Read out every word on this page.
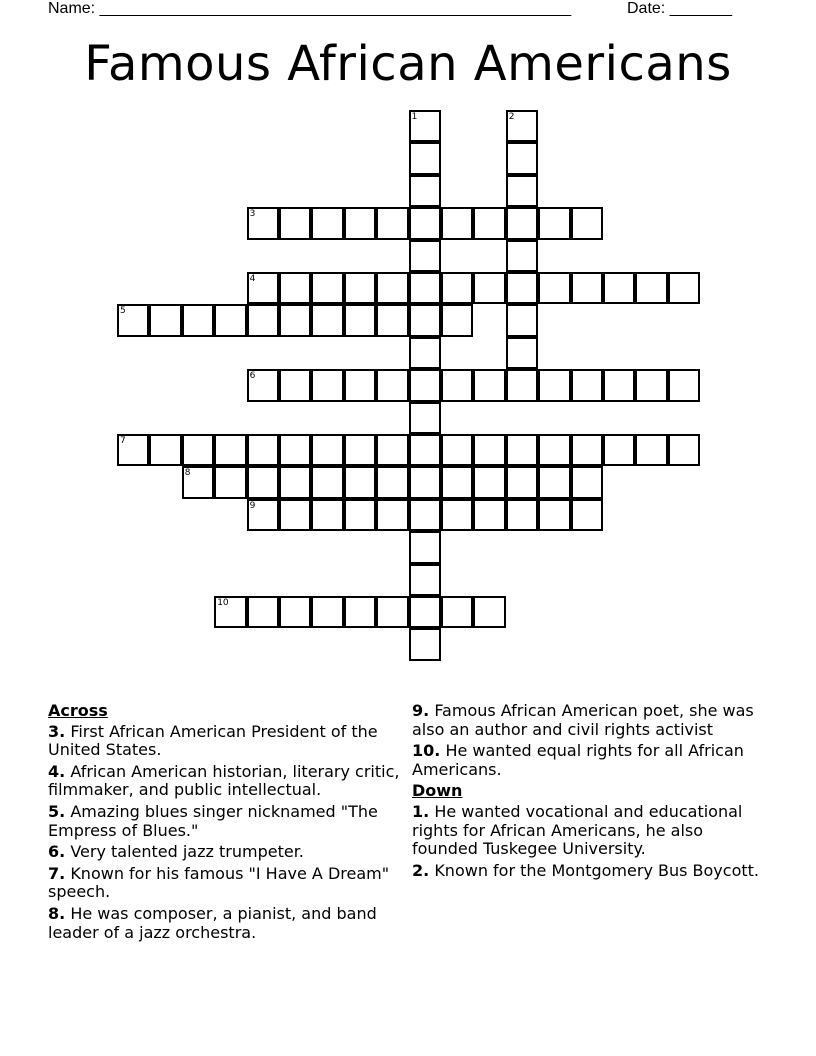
Name: _____________________________________________________	Date: _______
Famous African Americans
1	2
3
4
5
6
7
8
9
10
Across
3. First African American President of the United States.
4. African American historian, literary critic, filmmaker, and public intellectual.
5. Amazing blues singer nicknamed "The Empress of Blues."
6. Very talented jazz trumpeter.
7. Known for his famous "I Have A Dream" speech.
8. He was composer, a pianist, and band leader of a jazz orchestra.
9. Famous African American poet, she was also an author and civil rights activist
10. He wanted equal rights for all African Americans.
Down
1. He wanted vocational and educational rights for African Americans, he also founded Tuskegee University.
2. Known for the Montgomery Bus Boycott.
